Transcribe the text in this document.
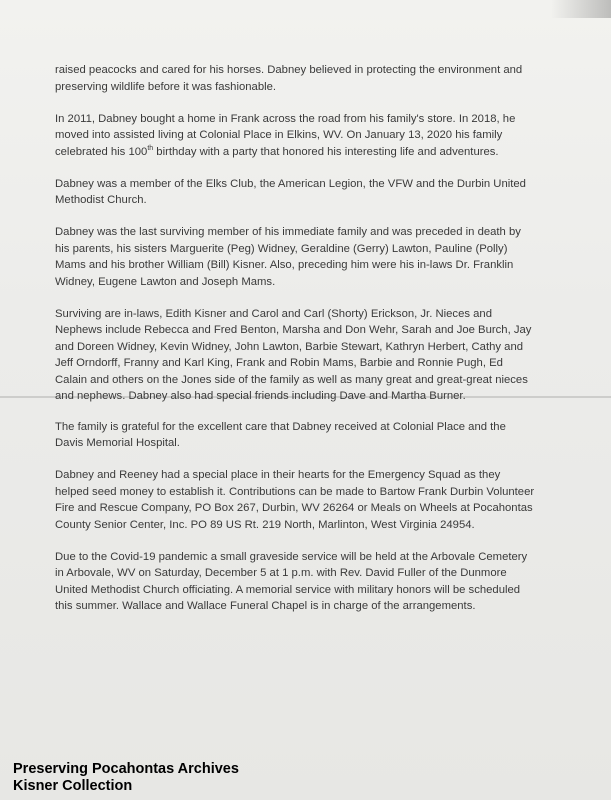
raised peacocks and cared for his horses. Dabney believed in protecting the environment and preserving wildlife before it was fashionable.

In 2011, Dabney bought a home in Frank across the road from his family's store. In 2018, he moved into assisted living at Colonial Place in Elkins, WV. On January 13, 2020 his family celebrated his 100th birthday with a party that honored his interesting life and adventures.

Dabney was a member of the Elks Club, the American Legion, the VFW and the Durbin United Methodist Church.

Dabney was the last surviving member of his immediate family and was preceded in death by his parents, his sisters Marguerite (Peg) Widney, Geraldine (Gerry) Lawton, Pauline (Polly) Mams and his brother William (Bill) Kisner. Also, preceding him were his in-laws Dr. Franklin Widney, Eugene Lawton and Joseph Mams.

Surviving are in-laws, Edith Kisner and Carol and Carl (Shorty) Erickson, Jr. Nieces and Nephews include Rebecca and Fred Benton, Marsha and Don Wehr, Sarah and Joe Burch, Jay and Doreen Widney, Kevin Widney, John Lawton, Barbie Stewart, Kathryn Herbert, Cathy and Jeff Orndorff, Franny and Karl King, Frank and Robin Mams, Barbie and Ronnie Pugh, Ed Calain and others on the Jones side of the family as well as many great and great-great nieces and nephews. Dabney also had special friends including Dave and Martha Burner.

The family is grateful for the excellent care that Dabney received at Colonial Place and the Davis Memorial Hospital.

Dabney and Reeney had a special place in their hearts for the Emergency Squad as they helped seed money to establish it. Contributions can be made to Bartow Frank Durbin Volunteer Fire and Rescue Company, PO Box 267, Durbin, WV 26264 or Meals on Wheels at Pocahontas County Senior Center, Inc. PO 89 US Rt. 219 North, Marlinton, West Virginia 24954.

Due to the Covid-19 pandemic a small graveside service will be held at the Arbovale Cemetery in Arbovale, WV on Saturday, December 5 at 1 p.m. with Rev. David Fuller of the Dunmore United Methodist Church officiating. A memorial service with military honors will be scheduled this summer. Wallace and Wallace Funeral Chapel is in charge of the arrangements.

Preserving Pocahontas Archives
Kisner Collection
